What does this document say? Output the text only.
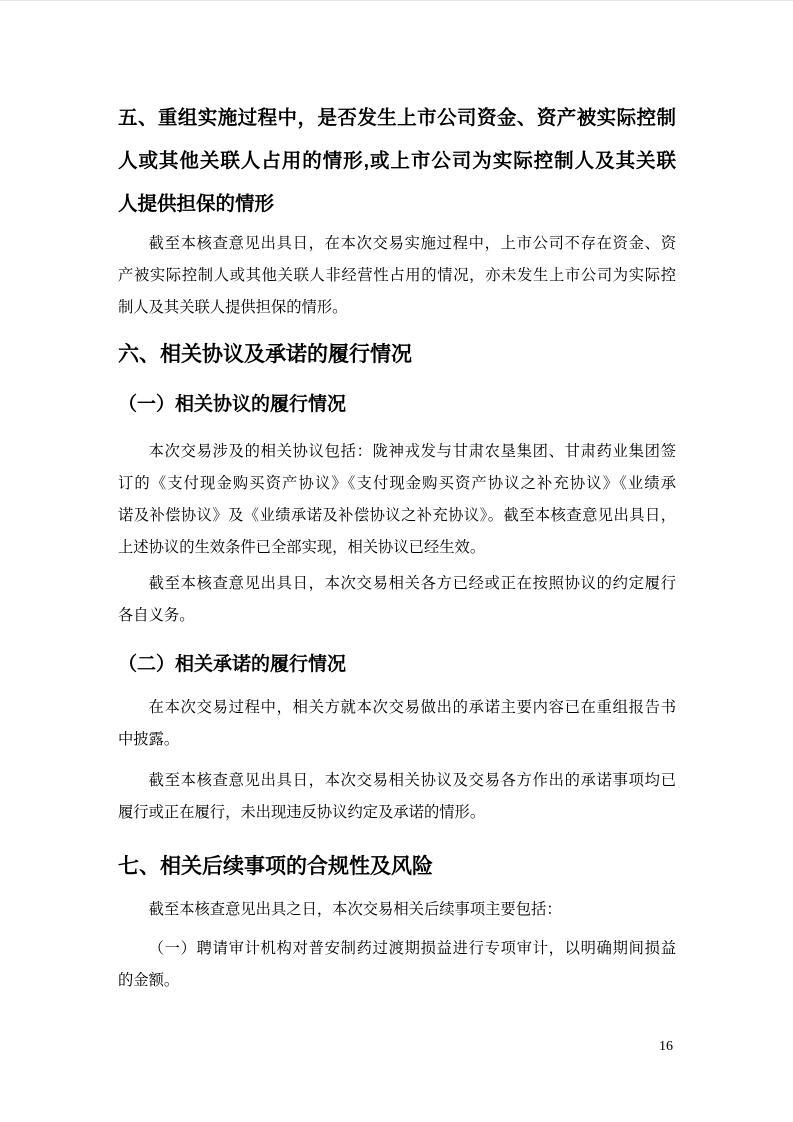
五、重组实施过程中，是否发生上市公司资金、资产被实际控制
人或其他关联人占用的情形,或上市公司为实际控制人及其关联
人提供担保的情形
截至本核查意见出具日，在本次交易实施过程中，上市公司不存在资金、资
产被实际控制人或其他关联人非经营性占用的情况，亦未发生上市公司为实际控
制人及其关联人提供担保的情形。
六、相关协议及承诺的履行情况
（一）相关协议的履行情况
本次交易涉及的相关协议包括：陇神戎发与甘肃农垦集团、甘肃药业集团签
订的《支付现金购买资产协议》《支付现金购买资产协议之补充协议》《业绩承
诺及补偿协议》及《业绩承诺及补偿协议之补充协议》。截至本核查意见出具日，
上述协议的生效条件已全部实现，相关协议已经生效。
截至本核查意见出具日，本次交易相关各方已经或正在按照协议的约定履行
各自义务。
（二）相关承诺的履行情况
在本次交易过程中，相关方就本次交易做出的承诺主要内容已在重组报告书
中披露。
截至本核查意见出具日，本次交易相关协议及交易各方作出的承诺事项均已
履行或正在履行，未出现违反协议约定及承诺的情形。
七、相关后续事项的合规性及风险
截至本核查意见出具之日，本次交易相关后续事项主要包括：
（一）聘请审计机构对普安制药过渡期损益进行专项审计，以明确期间损益
的金额。
16
